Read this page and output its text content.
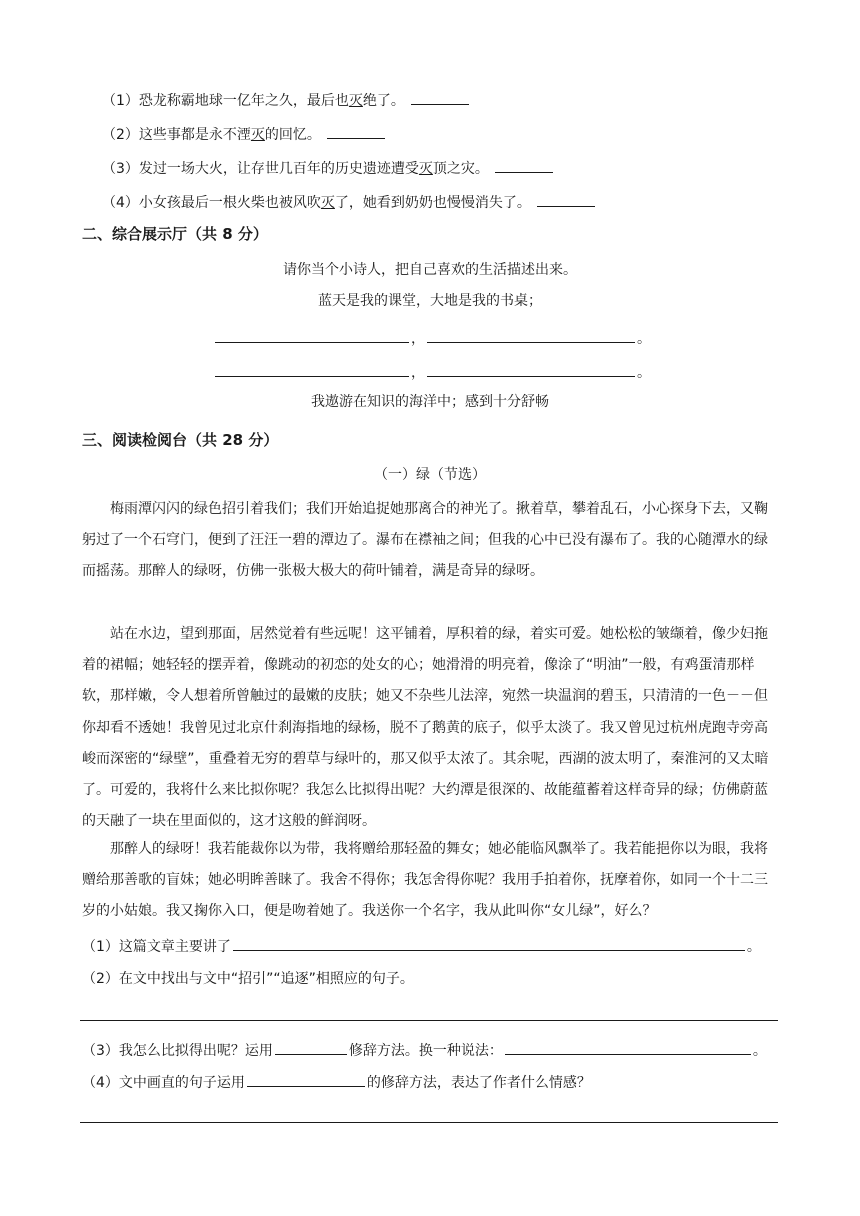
（1）恐龙称霸地球一亿年之久，最后也灭绝了。
（2）这些事都是永不湮灭的回忆。
（3）发过一场大火，让存世几百年的历史遗迹遭受灭顶之灾。
（4）小女孩最后一根火柴也被风吹灭了，她看到奶奶也慢慢消失了。
二、综合展示厅（共 8 分）
请你当个小诗人，把自己喜欢的生活描述出来。
蓝天是我的课堂，大地是我的书桌；
，	。
，	。
我遨游在知识的海洋中；感到十分舒畅
三、阅读检阅台（共 28 分）
（一）绿（节选）
梅雨潭闪闪的绿色招引着我们；我们开始追捉她那离合的神光了。揪着草，攀着乱石，小心探身下去，又鞠躬过了一个石穹门，便到了汪汪一碧的潭边了。瀑布在襟袖之间；但我的心中已没有瀑布了。我的心随潭水的绿而摇荡。那醉人的绿呀，仿佛一张极大极大的荷叶铺着，满是奇异的绿呀。
站在水边，望到那面，居然觉着有些远呢！这平铺着，厚积着的绿，着实可爱。她松松的皱缬着，像少妇拖着的裙幅；她轻轻的摆弄着，像跳动的初恋的处女的心；她滑滑的明亮着，像涂了“明油”一般，有鸡蛋清那样软，那样嫩，令人想着所曾触过的最嫩的皮肤；她又不杂些儿法滓，宛然一块温润的碧玉，只清清的一色－－但你却看不透她！我曾见过北京什刹海指地的绿杨，脱不了鹅黄的底子，似乎太淡了。我又曾见过杭州虎跑寺旁高峻而深密的“绿壁”，重叠着无穷的碧草与绿叶的，那又似乎太浓了。其余呢，西湖的波太明了，秦淮河的又太暗了。可爱的，我将什么来比拟你呢？我怎么比拟得出呢？大约潭是很深的、故能蕴蓄着这样奇异的绿；仿佛蔚蓝的天融了一块在里面似的，这才这般的鲜润呀。
那醉人的绿呀！我若能裁你以为带，我将赠给那轻盈的舞女；她必能临风飘举了。我若能挹你以为眼，我将赠给那善歌的盲妹；她必明眸善睐了。我舍不得你；我怎舍得你呢？我用手拍着你，抚摩着你，如同一个十二三岁的小姑娘。我又掬你入口，便是吻着她了。我送你一个名字，我从此叫你“女儿绿”，好么？
（1）这篇文章主要讲了	。
（2）在文中找出与文中“招引”“追逐”相照应的句子。
（3）我怎么比拟得出呢？运用	修辞方法。换一种说法：	。
（4）文中画直的句子运用	的修辞方法，表达了作者什么情感？
